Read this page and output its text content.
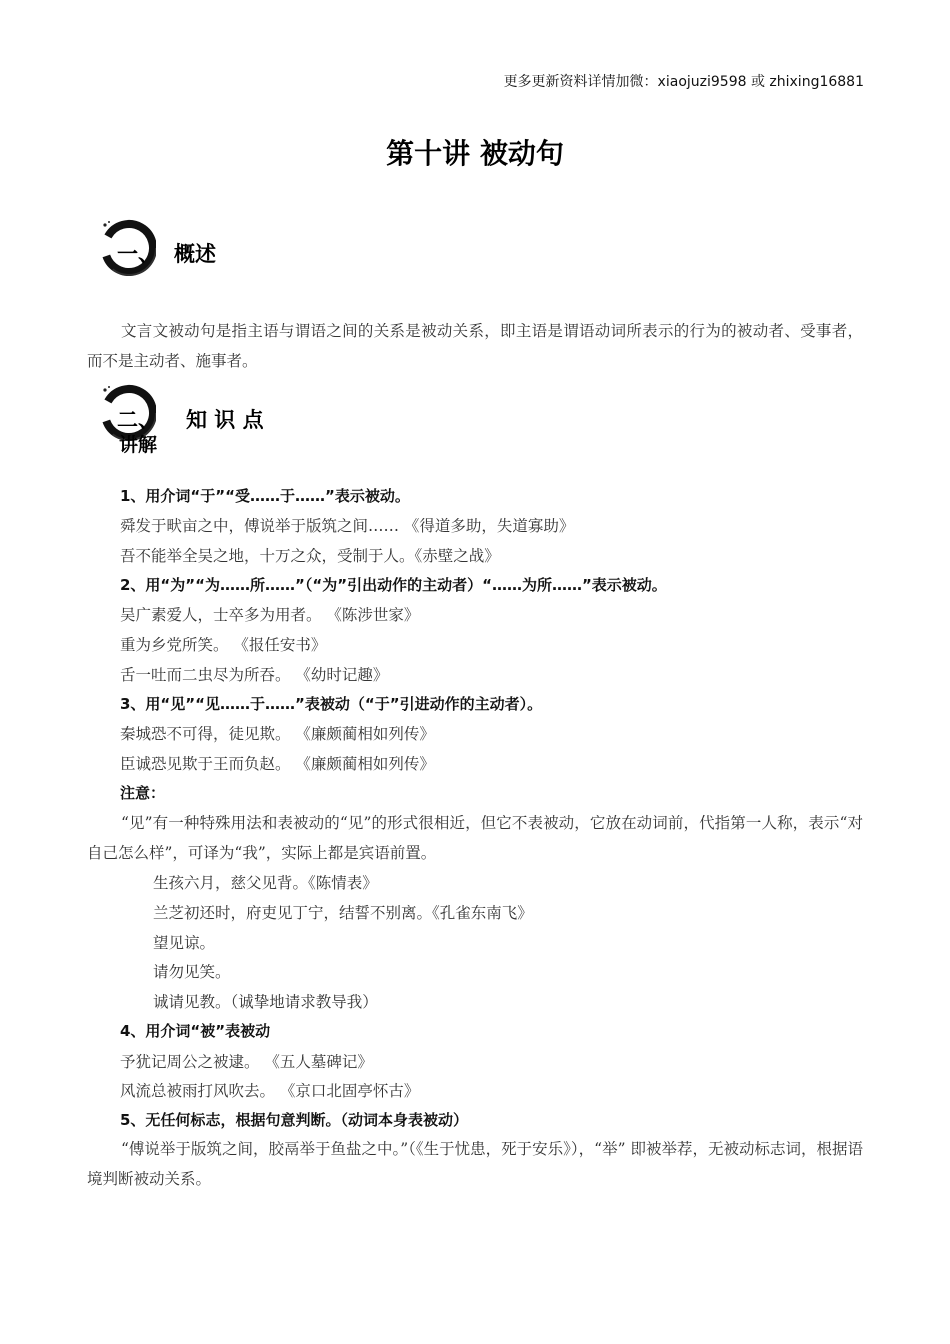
更多更新资料详情加微：xiaojuzi9598 或 zhixing16881
第十讲 被动句
一、 概述
文言文被动句是指主语与谓语之间的关系是被动关系，即主语是谓语动词所表示的行为的被动者、受事者，而不是主动者、施事者。
二、 知 识 点
讲解
1、用介词“于”“受……于……”表示被动。
舜发于畎亩之中，傅说举于版筑之间…… 《得道多助，失道寡助》
吾不能举全吴之地，十万之众，受制于人。《赤壁之战》
2、用“为”“为……所……”（“为”引出动作的主动者）“……为所……”表示被动。
吴广素爱人，士卒多为用者。 《陈涉世家》
重为乡党所笑。 《报任安书》
舌一吐而二虫尽为所吞。 《幼时记趣》
3、用“见”“见……于……”表被动（“于”引进动作的主动者）。
秦城恐不可得，徒见欺。 《廉颇蔺相如列传》
臣诚恐见欺于王而负赵。 《廉颇蔺相如列传》
注意：
“见”有一种特殊用法和表被动的“见”的形式很相近，但它不表被动，它放在动词前，代指第一人称，表示“对自己怎么样”，可译为“我”，实际上都是宾语前置。
生孩六月，慈父见背。《陈情表》
兰芝初还时，府吏见丁宁，结誓不别离。《孔雀东南飞》
望见谅。
请勿见笑。
诚请见教。（诚挚地请求教导我）
4、用介词“被”表被动
予犹记周公之被逮。 《五人墓碑记》
风流总被雨打风吹去。 《京口北固亭怀古》
5、无任何标志，根据句意判断。（动词本身表被动）
“傅说举于版筑之间，胶鬲举于鱼盐之中。”（《生于忧患，死于安乐》），“举” 即被举荐，无被动标志词，根据语境判断被动关系。
